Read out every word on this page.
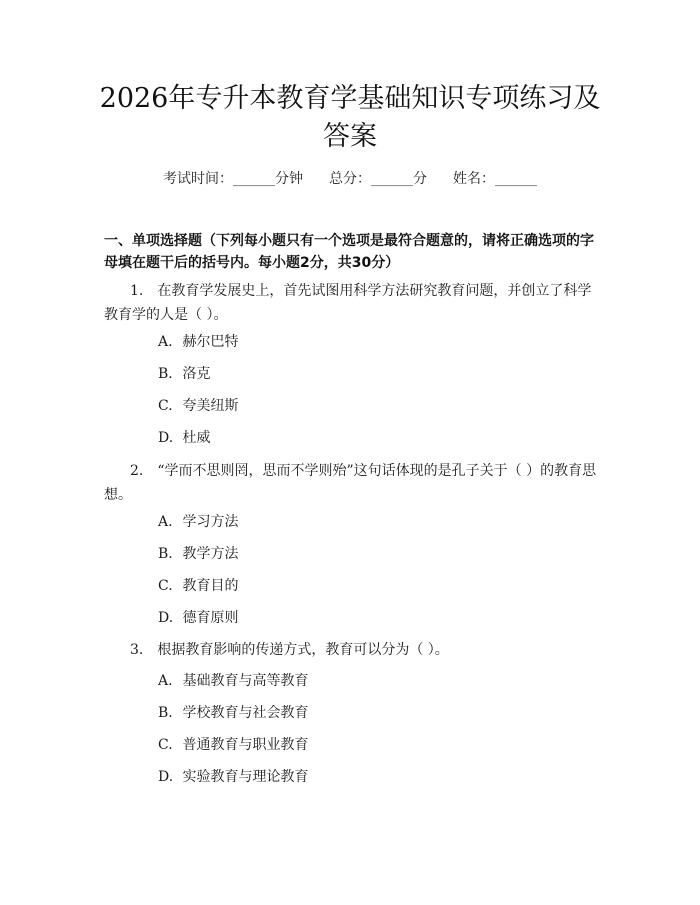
2026年专升本教育学基础知识专项练习及答案
考试时间：______分钟 总分：______分 姓名：______
一、单项选择题（下列每小题只有一个选项是最符合题意的，请将正确选项的字母填在题干后的括号内。每小题2分，共30分）
1. 在教育学发展史上，首先试图用科学方法研究教育问题，并创立了科学教育学的人是（ ）。
A. 赫尔巴特
B. 洛克
C. 夸美纽斯
D. 杜威
2. “学而不思则罔，思而不学则殆”这句话体现的是孔子关于（ ）的教育思想。
A. 学习方法
B. 教学方法
C. 教育目的
D. 德育原则
3. 根据教育影响的传递方式，教育可以分为（ ）。
A. 基础教育与高等教育
B. 学校教育与社会教育
C. 普通教育与职业教育
D. 实验教育与理论教育
